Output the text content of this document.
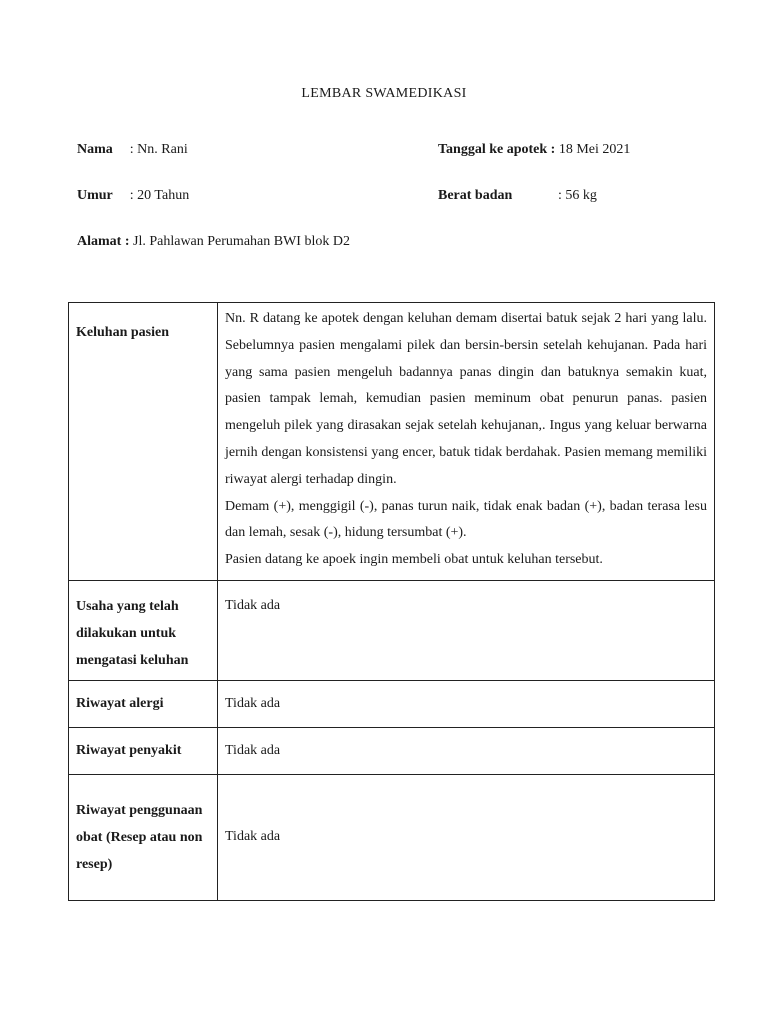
LEMBAR SWAMEDIKASI
Nama : Nn. Rani	Tanggal ke apotek : 18 Mei 2021
Umur : 20 Tahun	Berat badan	: 56 kg
Alamat : Jl. Pahlawan Perumahan BWI blok D2
Keluhan pasien	Nn. R datang ke apotek dengan keluhan demam disertai batuk sejak 2 hari yang lalu. Sebelumnya pasien mengalami pilek dan bersin-bersin setelah kehujanan. Pada hari yang sama pasien mengeluh badannya panas dingin dan batuknya semakin kuat, pasien tampak lemah, kemudian pasien meminum obat penurun panas. pasien mengeluh pilek yang dirasakan sejak setelah kehujanan,. Ingus yang keluar berwarna jernih dengan konsistensi yang encer, batuk tidak berdahak. Pasien memang memiliki riwayat alergi terhadap dingin.
Demam (+), menggigil (-), panas turun naik, tidak enak badan (+), badan terasa lesu dan lemah, sesak (-), hidung tersumbat (+).
Pasien datang ke apoek ingin membeli obat untuk keluhan tersebut.

Usaha yang telah dilakukan untuk mengatasi keluhan	Tidak ada
Riwayat alergi	Tidak ada
Riwayat penyakit	Tidak ada
Riwayat penggunaan obat (Resep atau non resep)	Tidak ada
